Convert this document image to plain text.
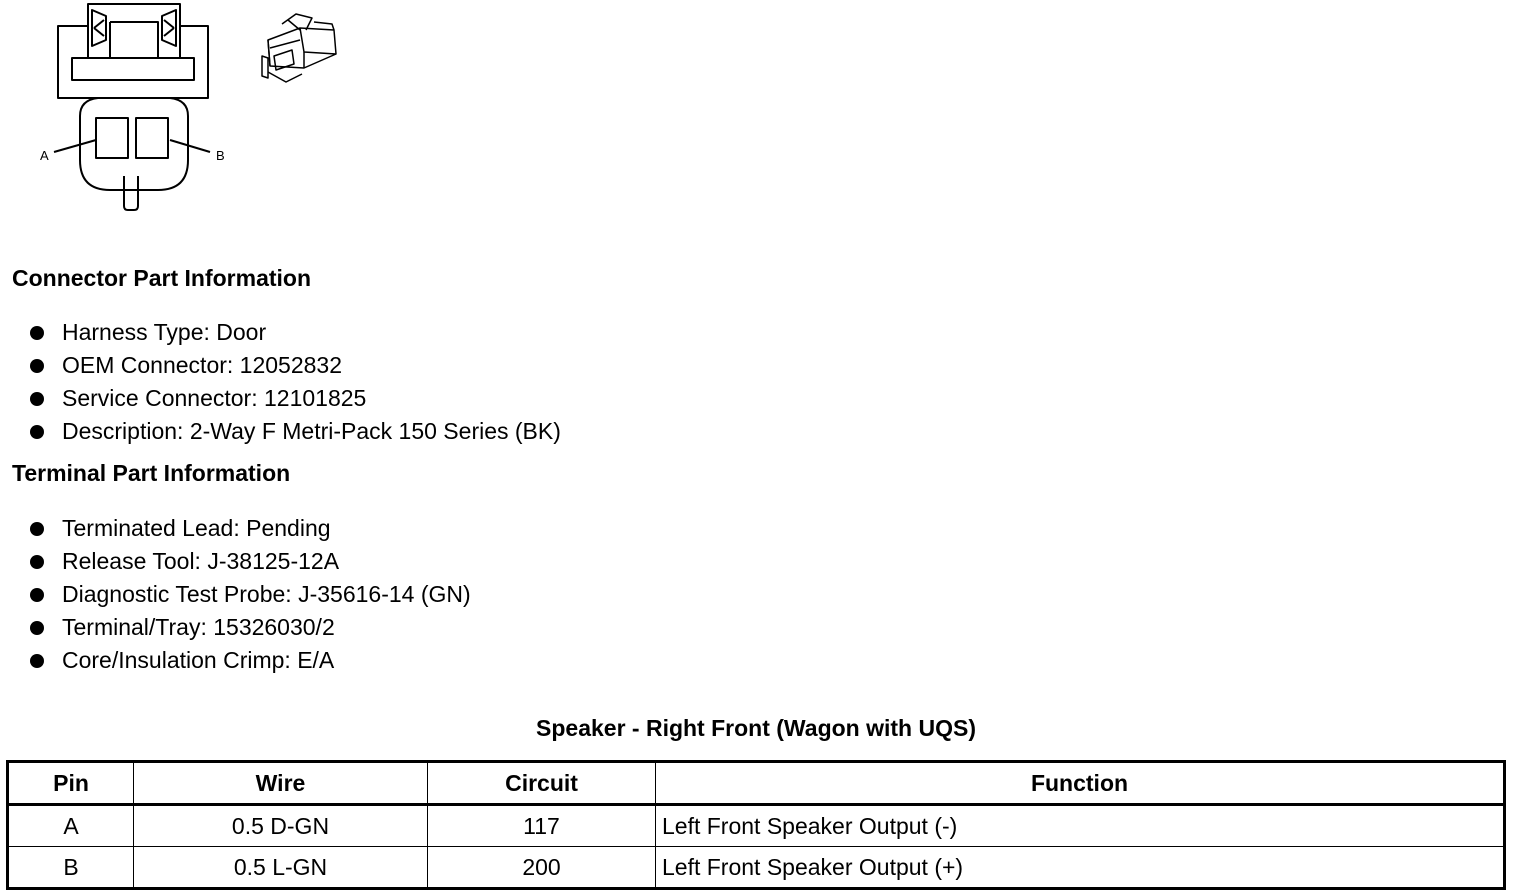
A	B
Connector Part Information
Harness Type: Door
OEM Connector: 12052832
Service Connector: 12101825
Description: 2-Way F Metri-Pack 150 Series (BK)
Terminal Part Information
Terminated Lead: Pending
Release Tool: J-38125-12A
Diagnostic Test Probe: J-35616-14 (GN)
Terminal/Tray: 15326030/2
Core/Insulation Crimp: E/A
Speaker - Right Front (Wagon with UQS)
Pin	Wire	Circuit	Function
A	0.5 D-GN	117	Left Front Speaker Output (-)
B	0.5 L-GN	200	Left Front Speaker Output (+)
